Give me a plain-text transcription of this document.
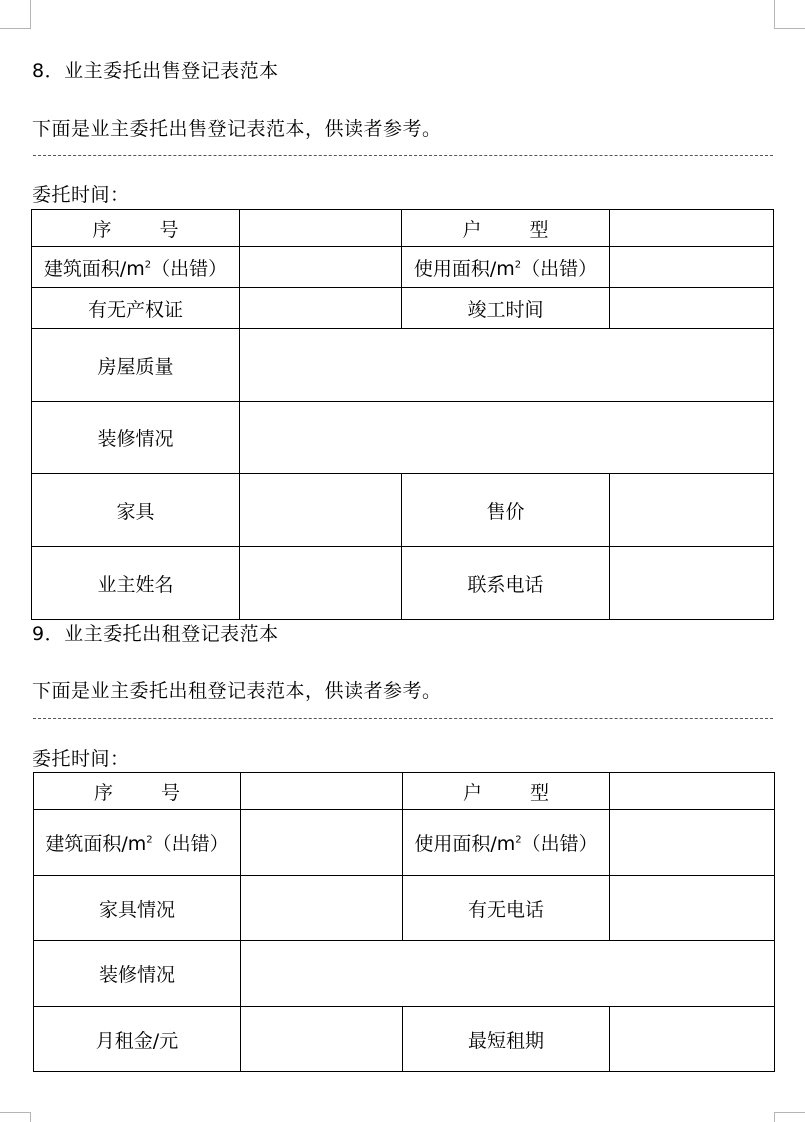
8．业主委托出售登记表范本
下面是业主委托出售登记表范本，供读者参考。
委托时间：
序 号		户 型	
建筑面积$/m^2$（出错）		使用面积$/m^2$（出错）	
有无产权证		竣工时间	
房屋质量			
装修情况			
家具		售价	
业主姓名		联系电话	
9．业主委托出租登记表范本
下面是业主委托出租登记表范本，供读者参考。
委托时间：
序 号		户 型	
建筑面积$/m^2$（出错）		使用面积$/m^2$（出错）	
家具情况		有无电话	
装修情况			
月租金/元		最短租期	
